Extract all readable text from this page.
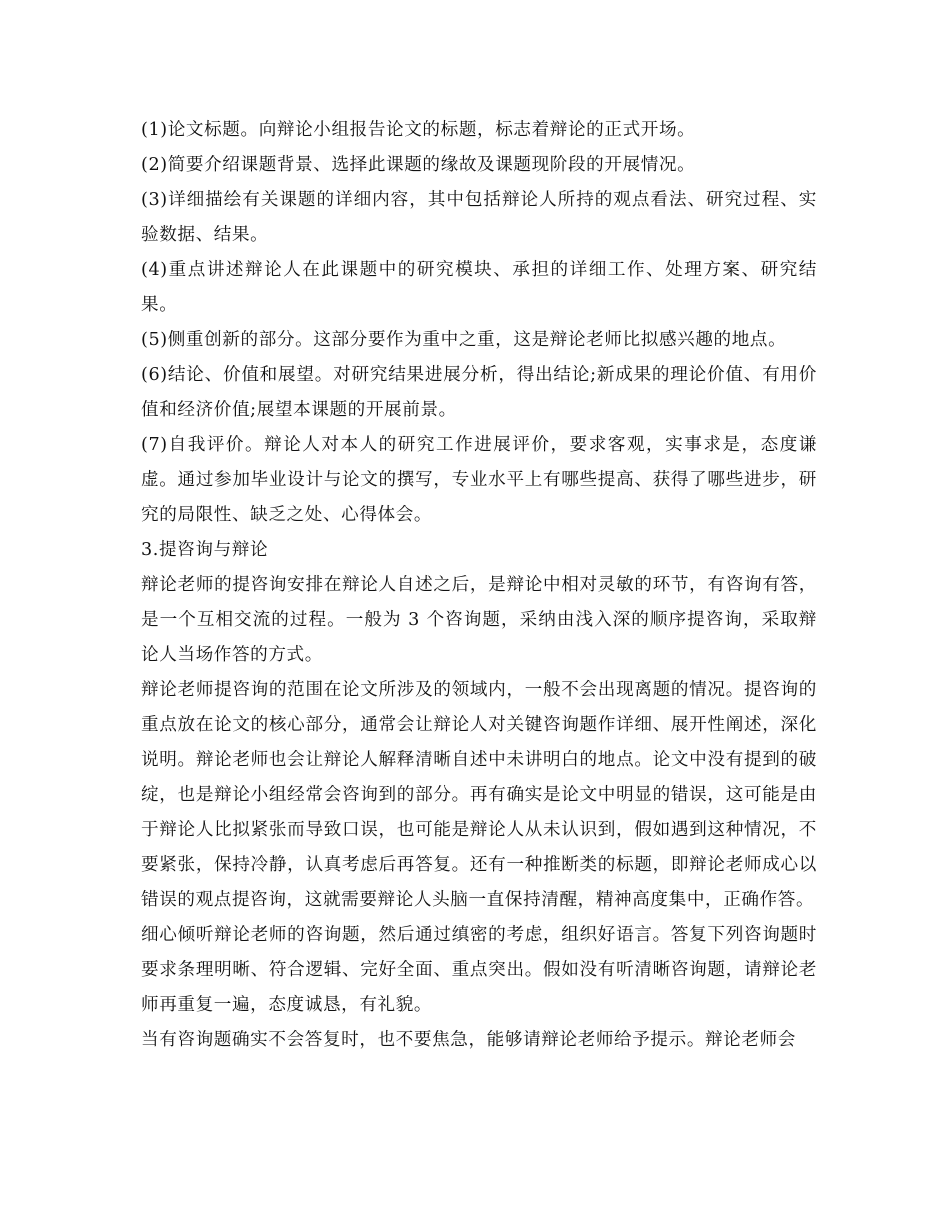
(1)论文标题。向辩论小组报告论文的标题，标志着辩论的正式开场。

(2)简要介绍课题背景、选择此课题的缘故及课题现阶段的开展情况。

(3)详细描绘有关课题的详细内容，其中包括辩论人所持的观点看法、研究过程、实验数据、结果。

(4)重点讲述辩论人在此课题中的研究模块、承担的详细工作、处理方案、研究结果。

(5)侧重创新的部分。这部分要作为重中之重，这是辩论老师比拟感兴趣的地点。

(6)结论、价值和展望。对研究结果进展分析，得出结论;新成果的理论价值、有用价值和经济价值;展望本课题的开展前景。

(7)自我评价。辩论人对本人的研究工作进展评价，要求客观，实事求是，态度谦虚。通过参加毕业设计与论文的撰写，专业水平上有哪些提高、获得了哪些进步，研究的局限性、缺乏之处、心得体会。

3.提咨询与辩论

辩论老师的提咨询安排在辩论人自述之后，是辩论中相对灵敏的环节，有咨询有答，是一个互相交流的过程。一般为 3 个咨询题，采纳由浅入深的顺序提咨询，采取辩论人当场作答的方式。

辩论老师提咨询的范围在论文所涉及的领域内，一般不会出现离题的情况。提咨询的重点放在论文的核心部分，通常会让辩论人对关键咨询题作详细、展开性阐述，深化说明。辩论老师也会让辩论人解释清晰自述中未讲明白的地点。论文中没有提到的破绽，也是辩论小组经常会咨询到的部分。再有确实是论文中明显的错误，这可能是由于辩论人比拟紧张而导致口误，也可能是辩论人从未认识到，假如遇到这种情况，不要紧张，保持冷静，认真考虑后再答复。还有一种推断类的标题，即辩论老师成心以错误的观点提咨询，这就需要辩论人头脑一直保持清醒，精神高度集中，正确作答。

细心倾听辩论老师的咨询题，然后通过缜密的考虑，组织好语言。答复下列咨询题时要求条理明晰、符合逻辑、完好全面、重点突出。假如没有听清晰咨询题，请辩论老师再重复一遍，态度诚恳，有礼貌。

当有咨询题确实不会答复时，也不要焦急，能够请辩论老师给予提示。辩论老师会
